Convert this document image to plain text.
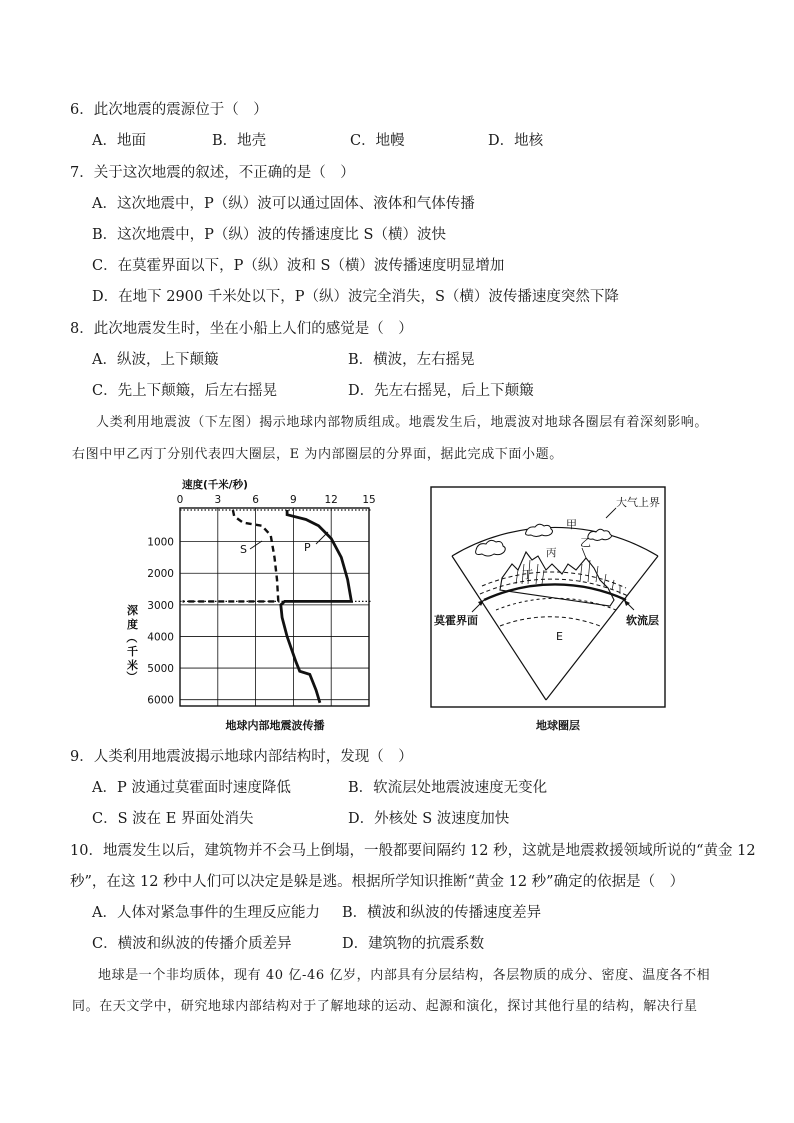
6．此次地震的震源位于（　）
A．地面	B．地壳	C．地幔	D．地核
7．关于这次地震的叙述，不正确的是（　）
A．这次地震中，P（纵）波可以通过固体、液体和气体传播
B．这次地震中，P（纵）波的传播速度比 S（横）波快
C．在莫霍界面以下，P（纵）波和 S（横）波传播速度明显增加
D．在地下 2900 千米处以下，P（纵）波完全消失，S（横）波传播速度突然下降
8．此次地震发生时，坐在小船上人们的感觉是（　）
A．纵波，上下颠簸	B．横波，左右摇晃
C．先上下颠簸，后左右摇晃	D．先左右摇晃，后上下颠簸
人类利用地震波（下左图）揭示地球内部物质组成。地震发生后，地震波对地球各圈层有着深刻影响。
右图中甲乙丙丁分别代表四大圈层，E 为内部圈层的分界面，据此完成下面小题。
速度(千米/秒)
0	3	6	9	12 15
1000
2000
3000
4000
5000
6000
S	P
深
度
（
千
米
）
地球内部地震波传播
大气上界
甲
丙
乙
丁
E
莫霍界面	软流层
地球圈层
9．人类利用地震波揭示地球内部结构时，发现（　）
A．P 波通过莫霍面时速度降低	B．软流层处地震波速度无变化
C．S 波在 E 界面处消失	D．外核处 S 波速度加快
10．地震发生以后，建筑物并不会马上倒塌，一般都要间隔约 12 秒，这就是地震救援领域所说的“黄金 12
秒”，在这 12 秒中人们可以决定是躲是逃。根据所学知识推断“黄金 12 秒”确定的依据是（　）
A．人体对紧急事件的生理反应能力 B．横波和纵波的传播速度差异
C．横波和纵波的传播介质差异	D．建筑物的抗震系数
地球是一个非均质体，现有 40 亿-46 亿岁，内部具有分层结构，各层物质的成分、密度、温度各不相
同。在天文学中，研究地球内部结构对于了解地球的运动、起源和演化，探讨其他行星的结构，解决行星
